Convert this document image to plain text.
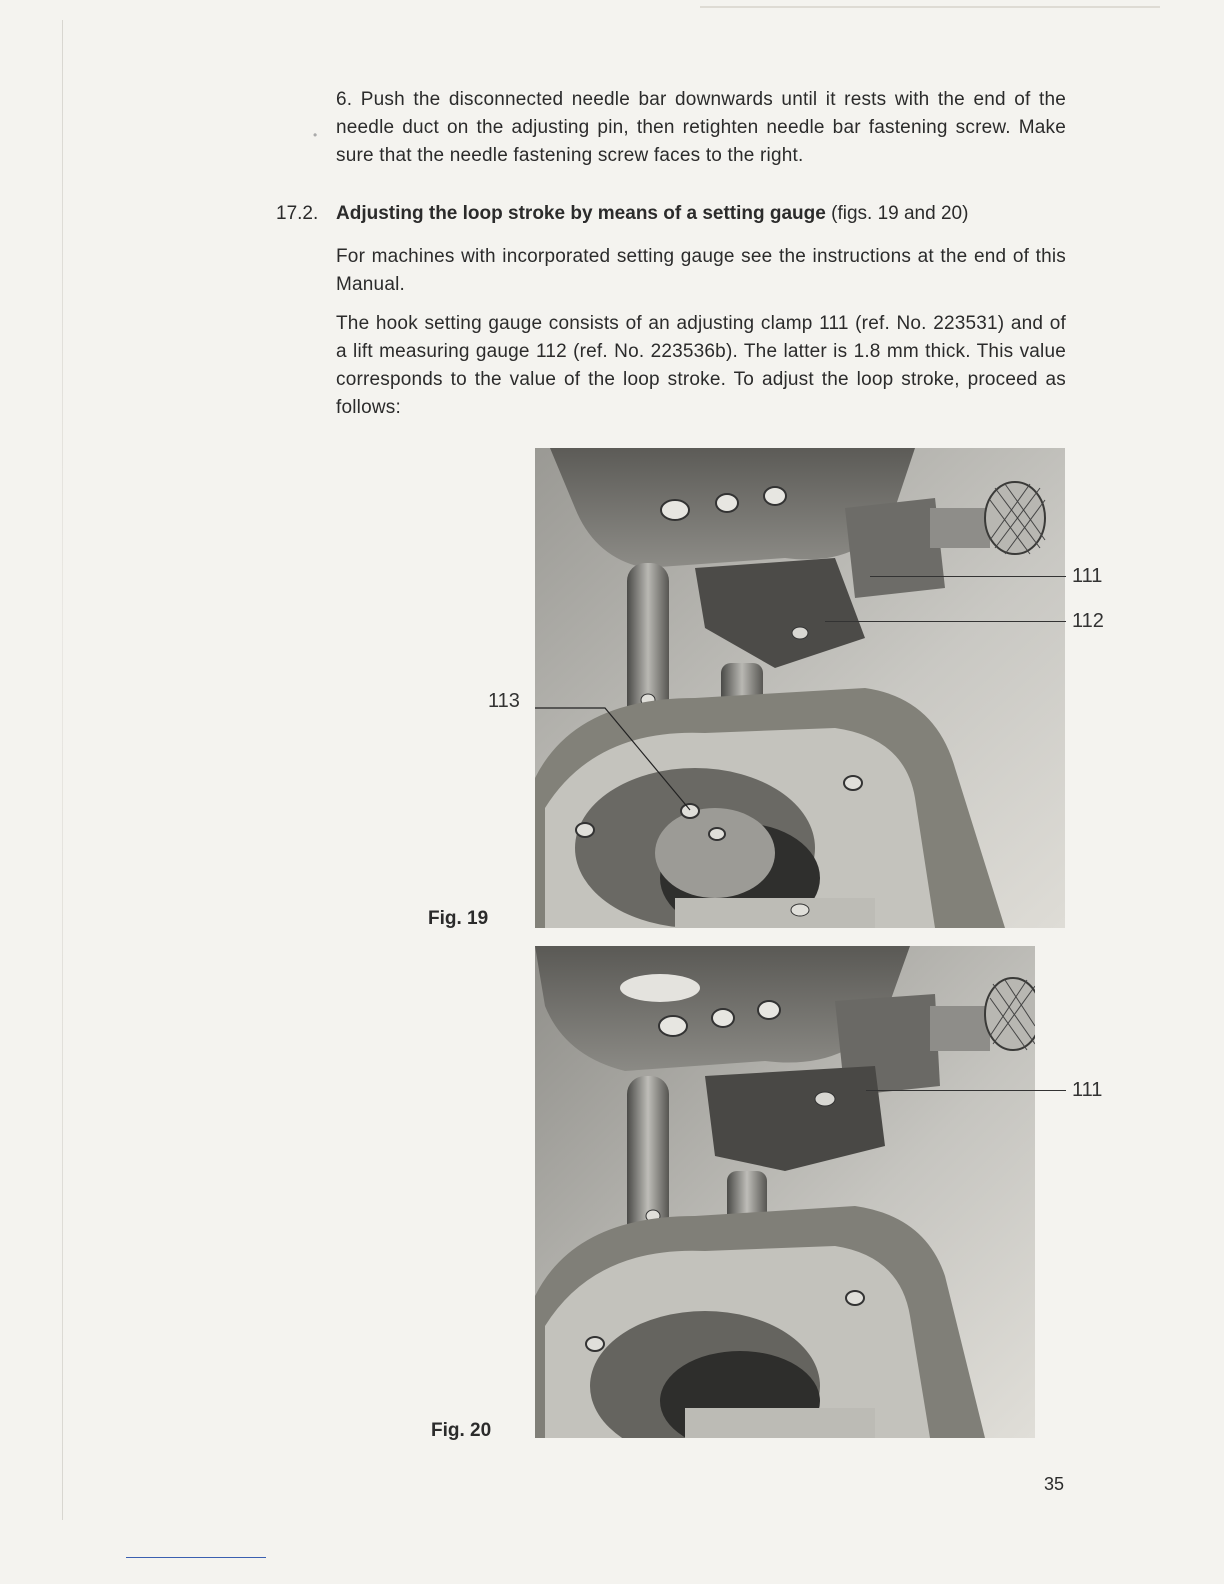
6. Push the disconnected needle bar downwards until it rests with the end of the needle duct on the adjusting pin, then retighten needle bar fastening screw. Make sure that the needle fastening screw faces to the right.

•
17.2. Adjusting the loop stroke by means of a setting gauge (figs. 19 and 20)

For machines with incorporated setting gauge see the instructions at the end of this Manual.

The hook setting gauge consists of an adjusting clamp 111 (ref. No. 223531) and of a lift measuring gauge 112 (ref. No. 223536b). The latter is 1.8 mm thick. This value corresponds to the value of the loop stroke. To adjust the loop stroke, proceed as follows:

111
112
113
Fig. 19
111
Fig. 20
35
